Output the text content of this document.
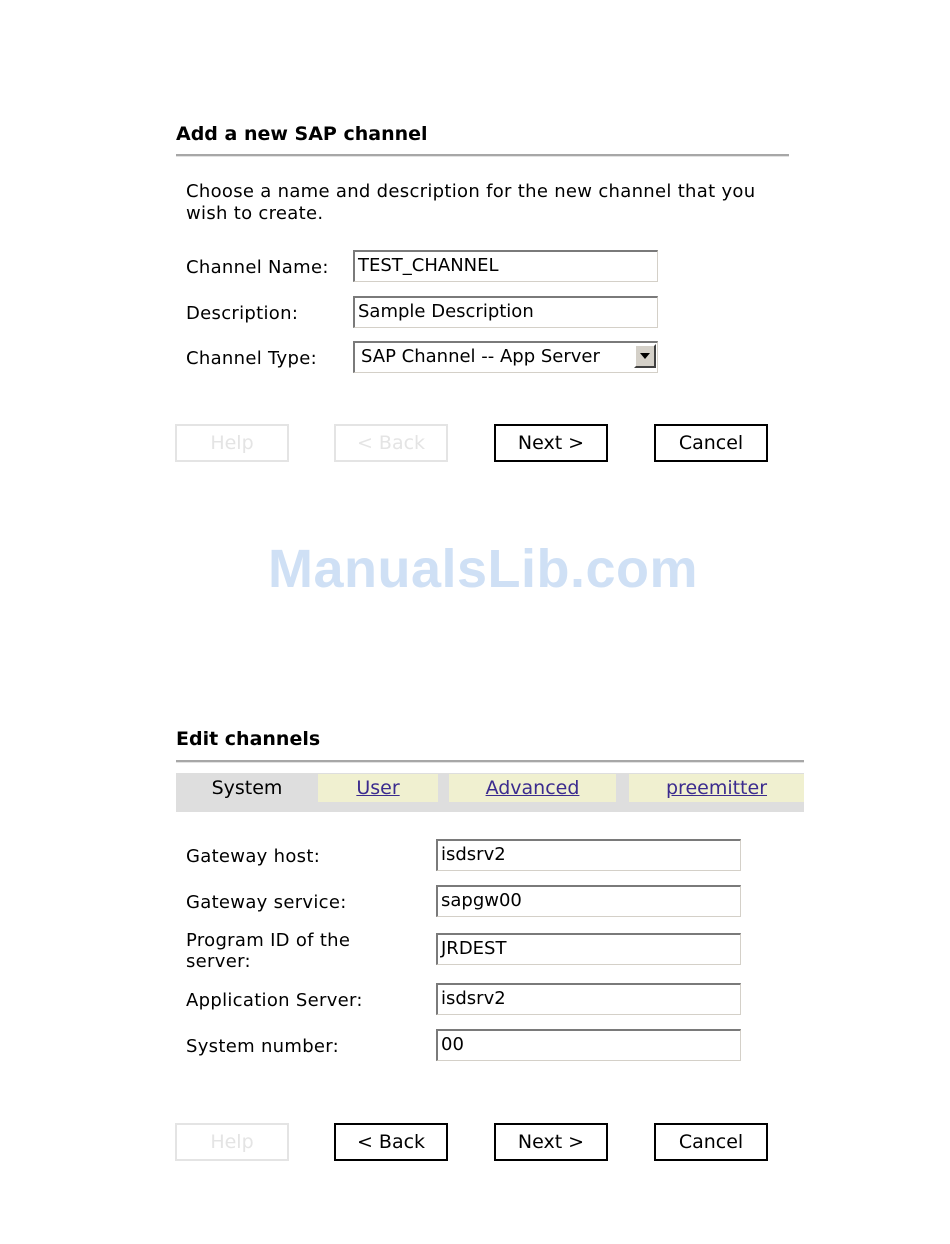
Add a new SAP channel
Choose a name and description for the new channel that you wish to create.
Channel Name: TEST_CHANNEL
Description:	Sample Description
Channel Type:	SAP Channel -- App Server
Help	< Back	Next >	Cancel
ManualsLib.com
Edit channels
System	User	Advanced	preemitter
Gateway host:	isdsrv2
Gateway service:	sapgw00
Program ID of the server:
JRDEST
Application Server:	isdsrv2
System number:	00
Help	< Back	Next >	Cancel
